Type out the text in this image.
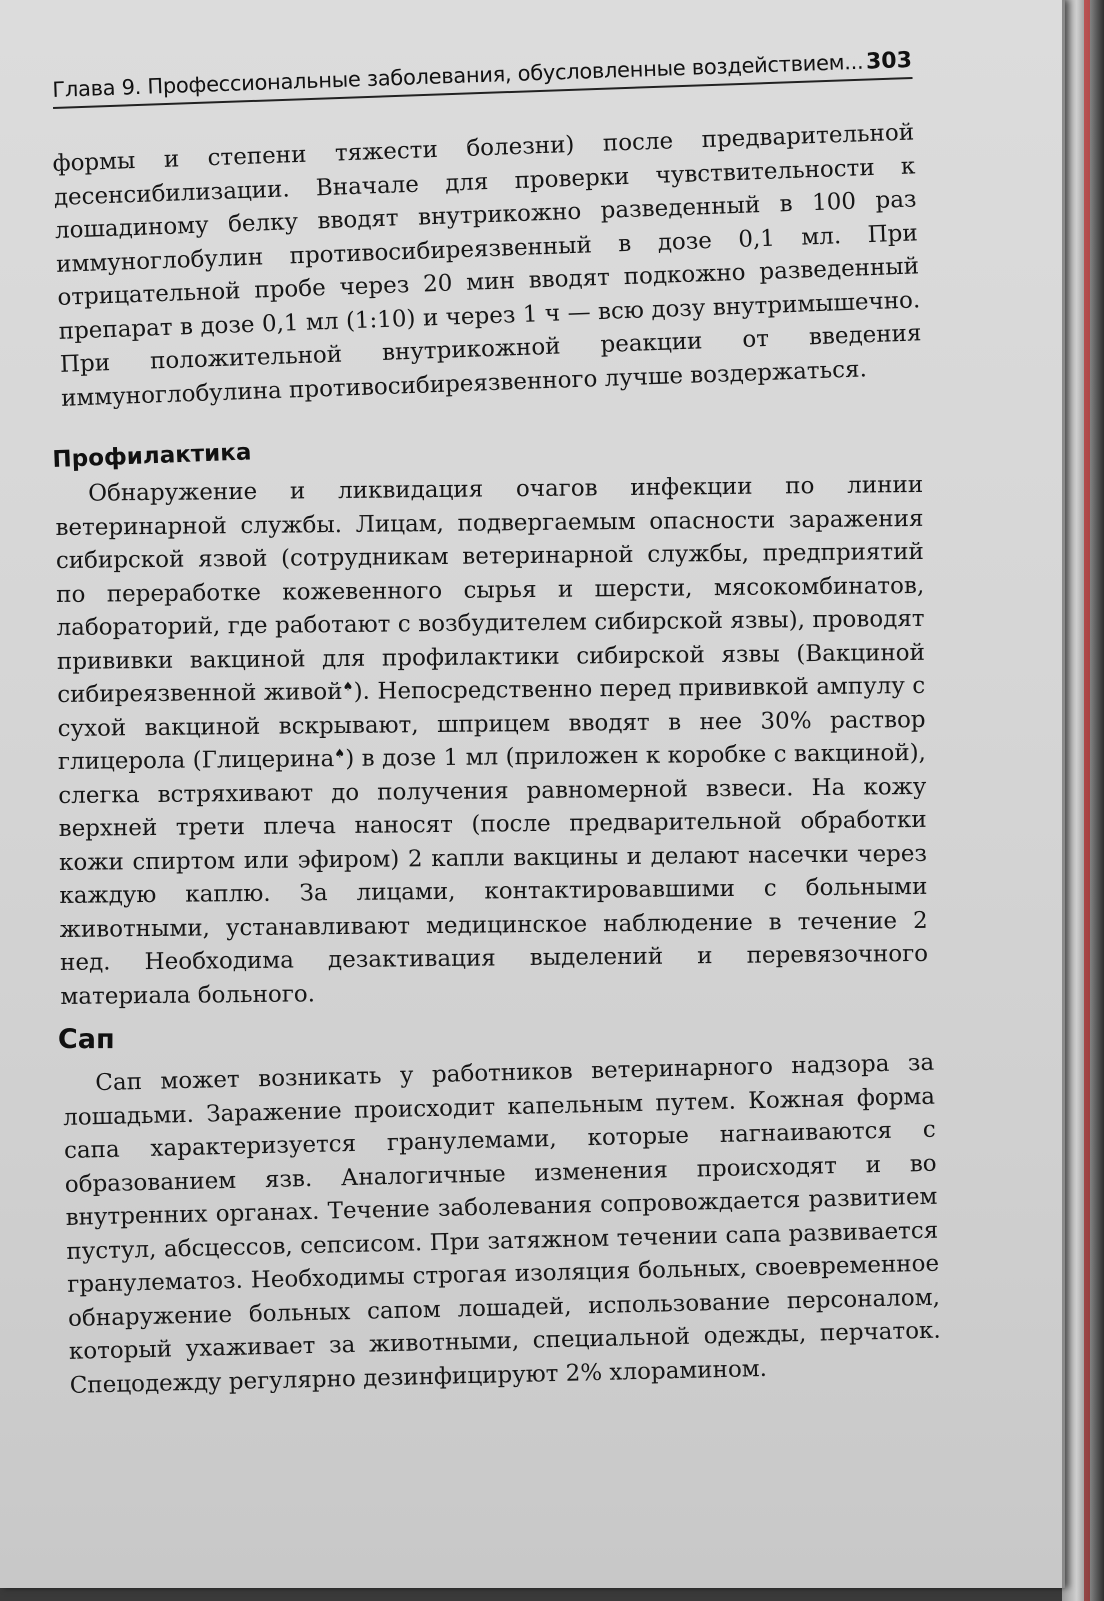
Глава 9. Профессиональные заболевания, обусловленные воздействием... 303

формы и степени тяжести болезни) после предварительной десенсибилизации. Вначале для проверки чувствительности к лошадиному белку вводят внутрикожно разведенный в 100 раз иммуноглобулин противосибиреязвенный в дозе 0,1 мл. При отрицательной пробе через 20 мин вводят подкожно разведенный препарат в дозе 0,1 мл (1:10) и через 1 ч — всю дозу внутримышечно. При положительной внутрикожной реакции от введения иммуноглобулина противосибиреязвенного лучше воздержаться.

Профилактика

Обнаружение и ликвидация очагов инфекции по линии ветеринарной службы. Лицам, подвергаемым опасности заражения сибирской язвой (сотрудникам ветеринарной службы, предприятий по переработке кожевенного сырья и шерсти, мясокомбинатов, лабораторий, где работают с возбудителем сибирской язвы), проводят прививки вакциной для профилактики сибирской язвы (Вакциной сибиреязвенной живой♠). Непосредственно перед прививкой ампулу с сухой вакциной вскрывают, шприцем вводят в нее 30% раствор глицерола (Глицерина♠) в дозе 1 мл (приложен к коробке с вакциной), слегка встряхивают до получения равномерной взвеси. На кожу верхней трети плеча наносят (после предварительной обработки кожи спиртом или эфиром) 2 капли вакцины и делают насечки через каждую каплю. За лицами, контактировавшими с больными животными, устанавливают медицинское наблюдение в течение 2 нед. Необходима дезактивация выделений и перевязочного материала больного.

Сап

Сап может возникать у работников ветеринарного надзора за лошадьми. Заражение происходит капельным путем. Кожная форма сапа характеризуется гранулемами, которые нагнаиваются с образованием язв. Аналогичные изменения происходят и во внутренних органах. Течение заболевания сопровождается развитием пустул, абсцессов, сепсисом. При затяжном течении сапа развивается гранулематоз. Необходимы строгая изоляция больных, своевременное обнаружение больных сапом лошадей, использование персоналом, который ухаживает за животными, специальной одежды, перчаток. Спецодежду регулярно дезинфицируют 2% хлорамином.
